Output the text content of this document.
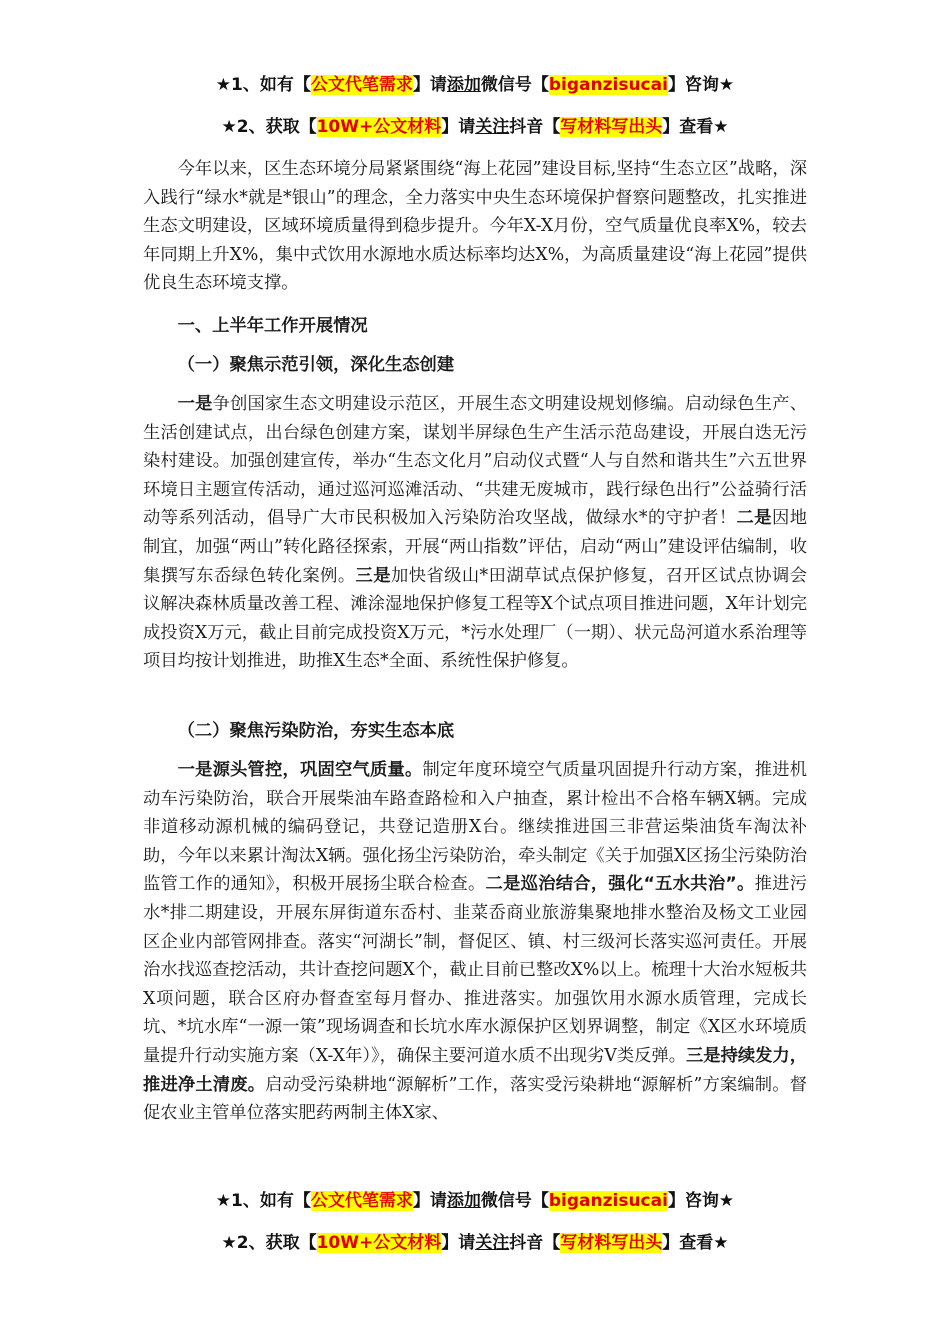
★1、如有【公文代笔需求】请添加微信号【biganzisucai】咨询★
★2、获取【10W+公文材料】请关注抖音【写材料写出头】查看★

今年以来，区生态环境分局紧紧围绕“海上花园”建设目标,坚持“生态立区”战略，深入践行“绿水*就是*银山”的理念，全力落实中央生态环境保护督察问题整改，扎实推进生态文明建设，区域环境质量得到稳步提升。今年X-X月份，空气质量优良率X%，较去年同期上升X%，集中式饮用水源地水质达标率均达X%，为高质量建设“海上花园”提供优良生态环境支撑。

一、上半年工作开展情况

（一）聚焦示范引领，深化生态创建

一是争创国家生态文明建设示范区，开展生态文明建设规划修编。启动绿色生产、生活创建试点，出台绿色创建方案，谋划半屏绿色生产生活示范岛建设，开展白迭无污染村建设。加强创建宣传，举办“生态文化月”启动仪式暨“人与自然和谐共生”六五世界环境日主题宣传活动，通过巡河巡滩活动、“共建无废城市，践行绿色出行”公益骑行活动等系列活动，倡导广大市民积极加入污染防治攻坚战，做绿水*的守护者！二是因地制宜，加强“两山”转化路径探索，开展“两山指数”评估，启动“两山”建设评估编制，收集撰写东岙绿色转化案例。三是加快省级山*田湖草试点保护修复，召开区试点协调会议解决森林质量改善工程、滩涂湿地保护修复工程等X个试点项目推进问题，X年计划完成投资X万元，截止目前完成投资X万元，*污水处理厂（一期）、状元岛河道水系治理等项目均按计划推进，助推X生态*全面、系统性保护修复。

（二）聚焦污染防治，夯实生态本底

一是源头管控，巩固空气质量。制定年度环境空气质量巩固提升行动方案，推进机动车污染防治，联合开展柴油车路查路检和入户抽查，累计检出不合格车辆X辆。完成非道移动源机械的编码登记，共登记造册X台。继续推进国三非营运柴油货车淘汰补助，今年以来累计淘汰X辆。强化扬尘污染防治，牵头制定《关于加强X区扬尘污染防治监管工作的通知》，积极开展扬尘联合检查。二是巡治结合，强化“五水共治”。推进污水*排二期建设，开展东屏街道东岙村、韭菜岙商业旅游集聚地排水整治及杨文工业园区企业内部管网排查。落实“河湖长”制，督促区、镇、村三级河长落实巡河责任。开展治水找巡查挖活动，共计查挖问题X个，截止目前已整改X%以上。梳理十大治水短板共X项问题，联合区府办督查室每月督办、推进落实。加强饮用水源水质管理，完成长坑、*坑水库“一源一策”现场调查和长坑水库水源保护区划界调整，制定《X区水环境质量提升行动实施方案（X-X年）》，确保主要河道水质不出现劣Ⅴ类反弹。三是持续发力，推进净土清废。启动受污染耕地“源解析”工作，落实受污染耕地“源解析”方案编制。督促农业主管单位落实肥药两制主体X家、

★1、如有【公文代笔需求】请添加微信号【biganzisucai】咨询★
★2、获取【10W+公文材料】请关注抖音【写材料写出头】查看★
